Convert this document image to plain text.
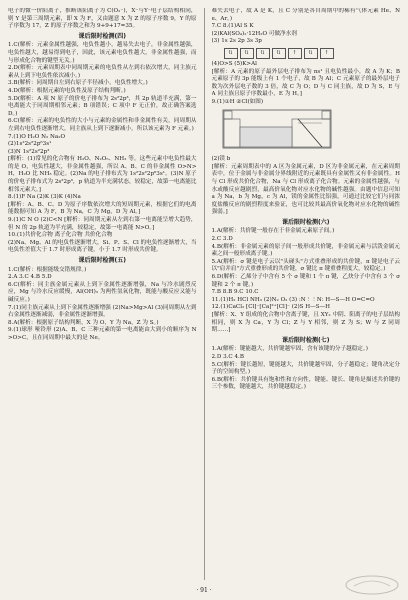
电子的微一价阳离子，推断该阳离子为 C(O₂⁻)，X⁻与Y⁻电子层结构相同，则 Y 是第三周期元素，即 X 为 F，又由题意 X 为 Z 的原子序数 9，Y 的原子序数为 17，Z 的原子序数之和为 9+9+17=35。

课后限时检测(四)

1.C(解析：元素金属性越强，电负性越小，越易失去电子，非金属性越强，电负性越大，越易得到电子，因此，该元素电负性越大，非金属性越强，而与形成化合物的键型无关。)

2.D(解析：元素周期表中同周期元素的电负性从左到右依次增大，同主族元素从上到下电负性依次减小。)

3.B(解析：同周期自左到右原子半径减小，电负性增大。)

4.D(解析：根据元素的电负性及原子结构判断。)

5.D(解析：A 项 N 原子的价电子排布为 2s²2p³，其 2p 轨道半充满，第一电离能大于同周期相邻元素；B 项错误；C 项中 F 无正价，故正确答案选 D。)

6.C(解析：元素的电负性的大小与元素的金属性和非金属性有关，同周期从左到右电负性逐渐增大，同主族从上到下逐渐减小，所以该元素为 F 元素。)

7.(1)O H₂O N₂ Na₂O

(2)1s²2s²2p⁶3s¹

(3)N 1s²2s²2p³

[解析：(1)常见的化合物有 H₂O、N₂O₅、NH₃ 等，这些元素中电负性最大的是 O，电负性越大，非金属性越强，所以 A、B、C 的非金属性 O>N>H，H₂O 比 NH₃ 稳定。(2)Na 的电子排布式为 1s²2s²2p⁶3s¹。(3)N 原子的价电子排布式为 2s²2p³，p 轨道为半充满状态，较稳定，故第一电离能比相邻元素大。]

8.(1)F Na (2)K (3)K (4)Na

[解析：A、B、C、D 为原子序数依次增大的短周期元素，根据它们的电离能数据可知 A 为 F，B 为 Na，C 为 Mg，D 为 Al。]

9.(1)C N O (2)C<N [解析：同周期元素从左到右第一电离能呈增大趋势，但 N 的 2p 轨道为半充满，较稳定，故第一电离能 N>O。]

10.(1)共价化合物 离子化合物 共价化合物

(2)Na、Mg、Al 的电负性逐渐增大，Si、P、S、Cl 的电负性逐渐增大，当电负性差值大于 1.7 时形成离子键，小于 1.7 时形成共价键。

课后限时检测(五)

1.C(解析：根据能级交错规律。)

2.A 3.C 4.B 5.D

6.C(解析：同主族金属元素从上到下金属性逐渐增强，Na 与冷水剧烈反应，Mg 与冷水反应缓慢，Al(OH)₃ 为两性氢氧化物，既能与酸反应又能与碱反应。)

7.(1)同主族元素从上到下金属性逐渐增强 (2)Na>Mg>Al (3)同周期从左到右金属性逐渐减弱，非金属性逐渐增强。

8.A(解析：根据原子结构判断，X 为 O，Y 为 Na，Z 为 S。)

9.(1)球形 哑铃形 (2)A、B、C 三种元素的第一电离能由大到小的顺序为 N>O>C，且在同周期中最大的是 Ne。

难失去电子，故 A 是 K，且 C 分别是各自周期中的稀有气体元素 He、Ne、Ar。)

7.C 8.(1)Al S K

(2)KAl(SO₄)₂·12H₂O 可做净水剂

(3) 1s 2s 2p 3s 3p

⇅	⇅	⇅	⇅	↑	⇅	↑

(4)O>S (5)K>Al

[解析：A 元素的原子最外层电子排布为 ns¹ 且电负性最小，故 A 为 K；B 元素原子的 3p 能级上有 1 个电子，故 B 为 Al；C 元素原子的最外层电子数为次外层电子数的 3 倍，故 C 为 O；D 与 C 同主族，故 D 为 S，E 与 A 同主族且原子序数最小，E 为 H。]

9.(1)①H ②Cl(如图)

(2)镁 b

[解析：元素周期表中的 A 区为金属元素，D 区为非金属元素，在元素周期表中，位于金属与非金属分界线附近的元素既具有金属性又有非金属性。H 与 Cl 形成共价化合物，Na 与 Cl 形成离子化合物。元素的金属性越强，与水或酸反应越剧烈，最高价氧化物对应水化物的碱性越强。由题中信息可知 a 为 Na，b 为 Mg，c 为 Al，镁的金属性比铝强，可通过比较它们与同浓度盐酸反应的剧烈程度来验证，也可比较其最高价氧化物对应水化物的碱性强弱。]

课后限时检测(六)

1.A(解析：共价键一般存在于非金属元素原子间。)

2.C 3.D

4.B(解析：非金属元素的原子间一般形成共价键，非金属元素与活泼金属元素之间一般形成离子键。)

5.A(解析：σ 键是电子云以"头碰头"方式重叠形成的共价键，π 键是电子云以"肩并肩"方式重叠形成的共价键，σ 键比 π 键重叠程度大，较稳定。)

6.D(解析：乙烯分子中含有 5 个 σ 键和 1 个 π 键，乙炔分子中含有 3 个 σ 键和 2 个 π 键。)

7.B 8.B 9.C 10.C

11.(1)H₂ HCl NH₃ (2)N₂ O₂ (3) :N⋮⋮N: H—S—H O=C=O

12.(1)CaCl₂ [Cl]⁻[Ca]²⁺[Cl]⁻ (2)S H—S—H

[解析：X、Y 组成的化合物中含离子键，且 XY₂ 中阴、阳离子的电子层结构相同，则 X 为 Ca，Y 为 Cl；Z 与 Y 相邻，则 Z 为 S；W 与 Z 同周期……]

课后限时检测(七)

1.A(解析：键能越大，共价键越牢固，含有该键的分子越稳定。)

2.D 3.C 4.B

5.C(解析：键长越短，键能越大，共价键越牢固，分子越稳定；键角决定分子的空间构型。)

6.B(解析：共价键具有饱和性和方向性，键能、键长、键角是描述共价键的三个参数，键能越大，共价键越稳定。)

· 91 ·
